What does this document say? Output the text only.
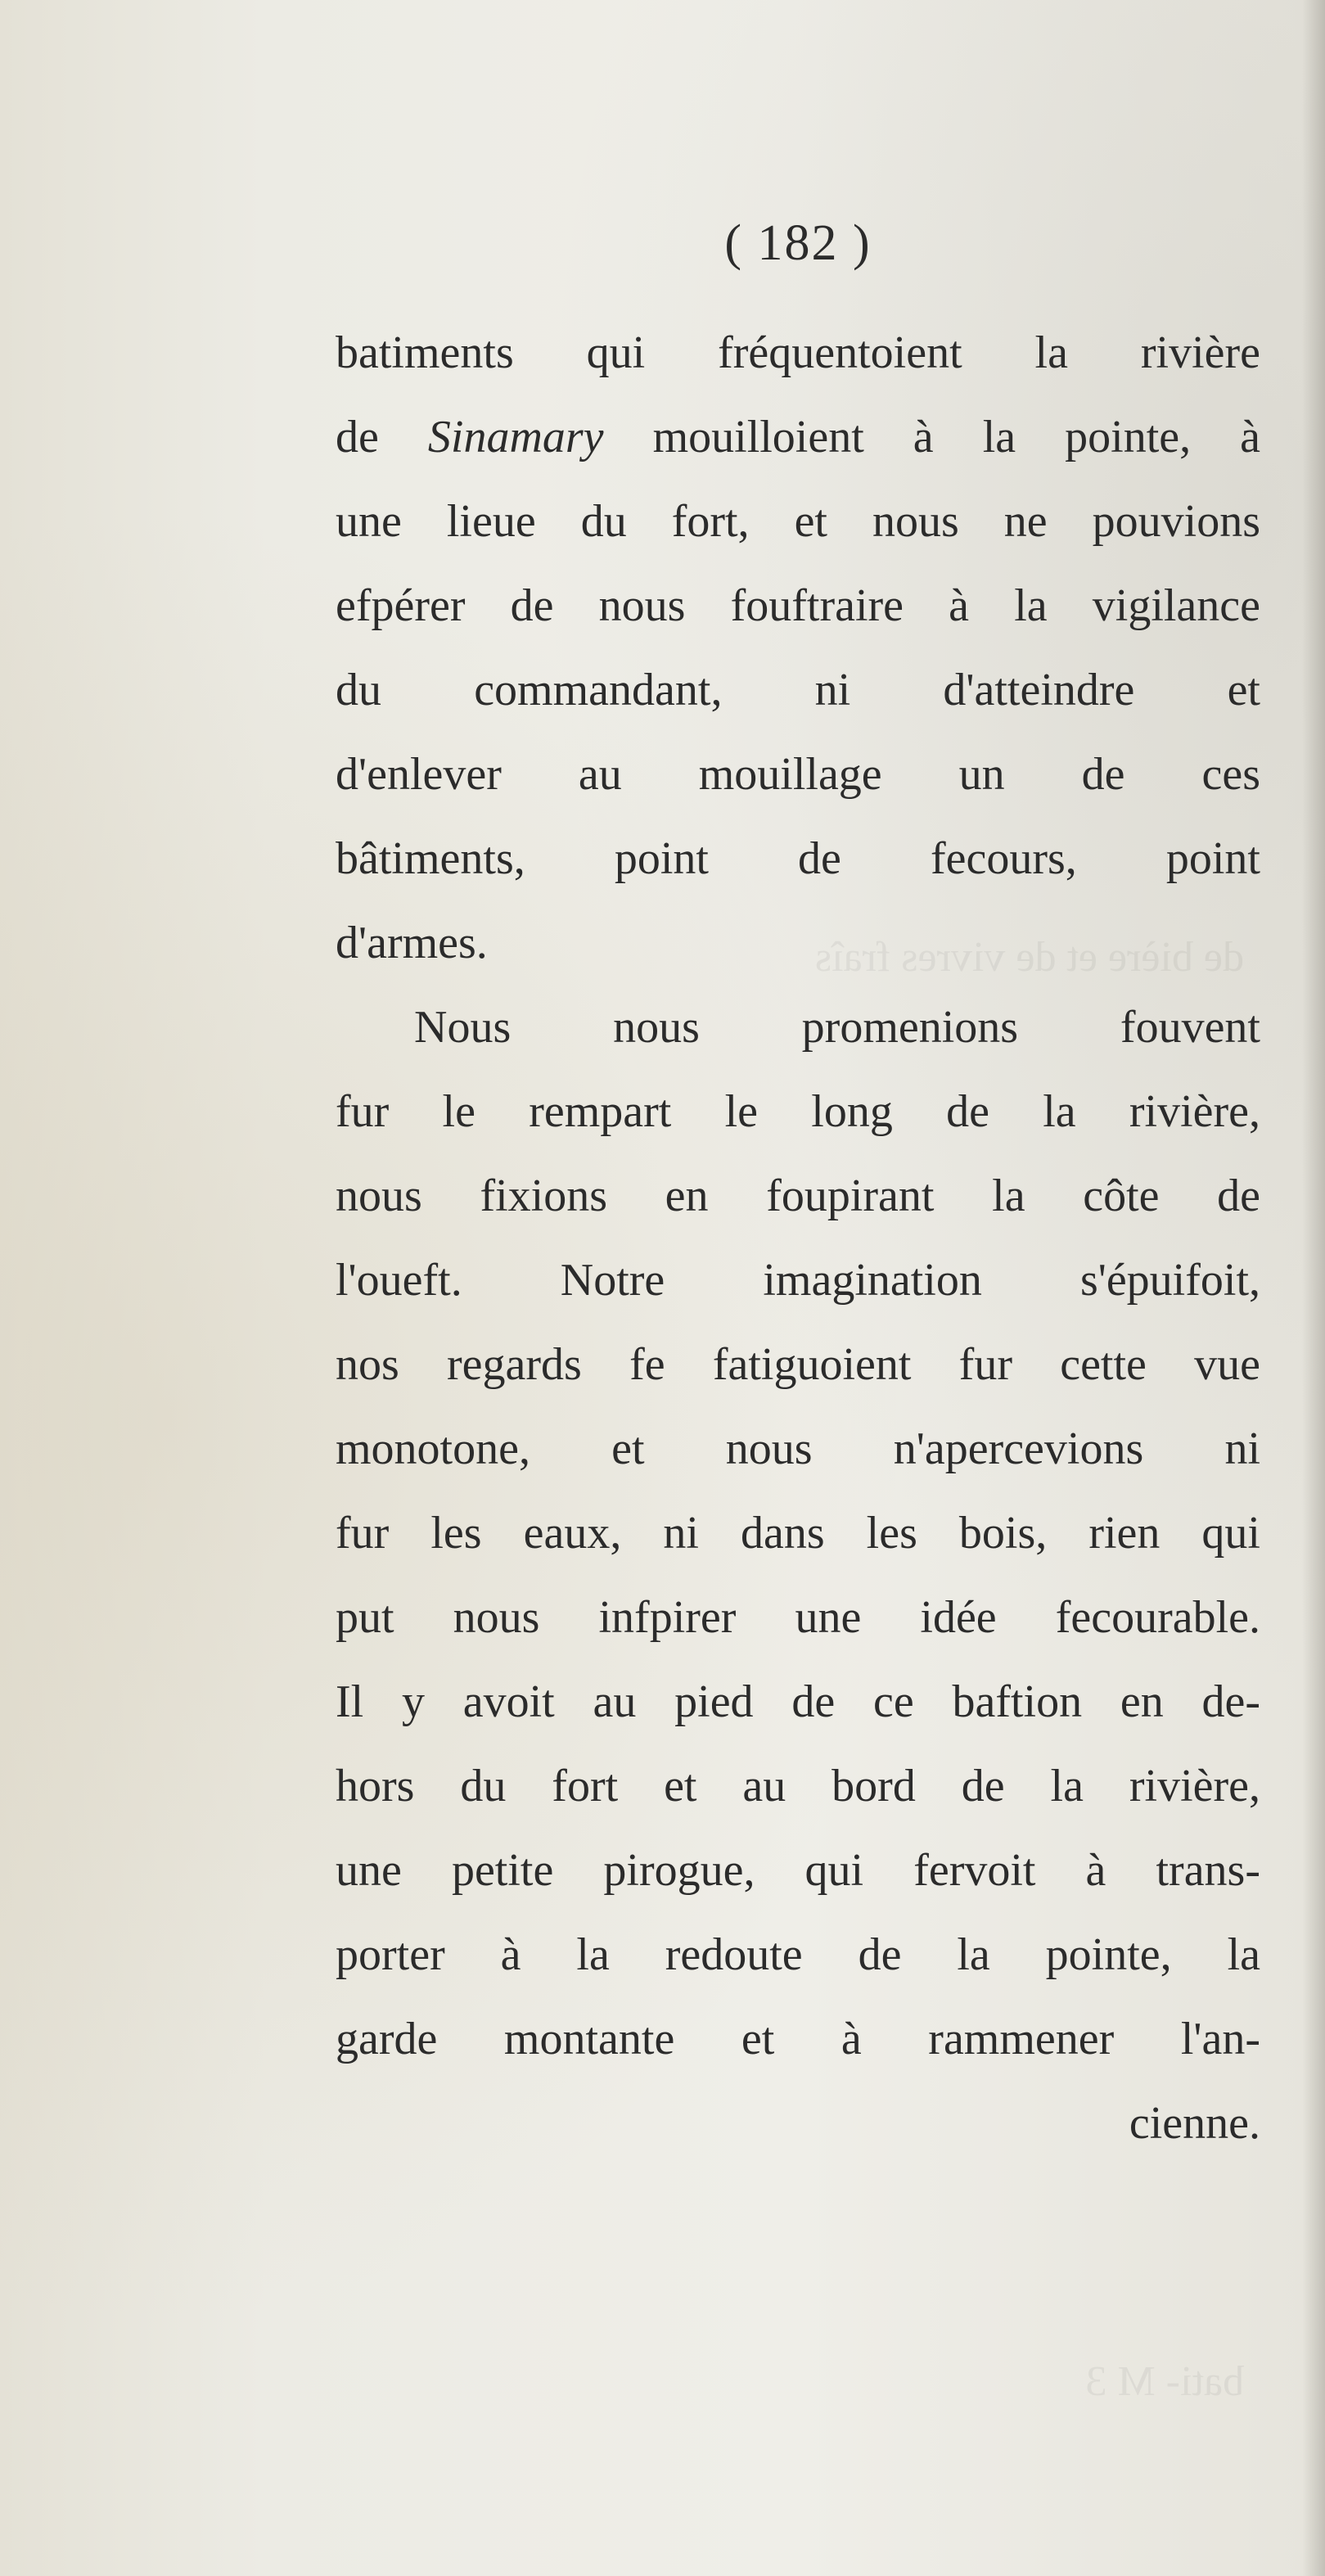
de bière et de vivres fraîs
bati- M 3
( 182 )
batiments qui fréquentoient la rivière
de Sinamary mouilloient à la pointe, à
une lieue du fort, et nous ne pouvions
efpérer de nous fouftraire à la vigilance
du commandant, ni d'atteindre et
d'enlever au mouillage un de ces
bâtiments, point de fecours, point
d'armes.
Nous nous promenions fouvent
fur le rempart le long de la rivière,
nous fixions en foupirant la côte de
l'oueft. Notre imagination s'épuifoit,
nos regards fe fatiguoient fur cette vue
monotone, et nous n'apercevions ni
fur les eaux, ni dans les bois, rien qui
put nous infpirer une idée fecourable.
Il y avoit au pied de ce baftion en de-
hors du fort et au bord de la rivière,
une petite pirogue, qui fervoit à trans-
porter à la redoute de la pointe, la
garde montante et à rammener l'an-
cienne.
